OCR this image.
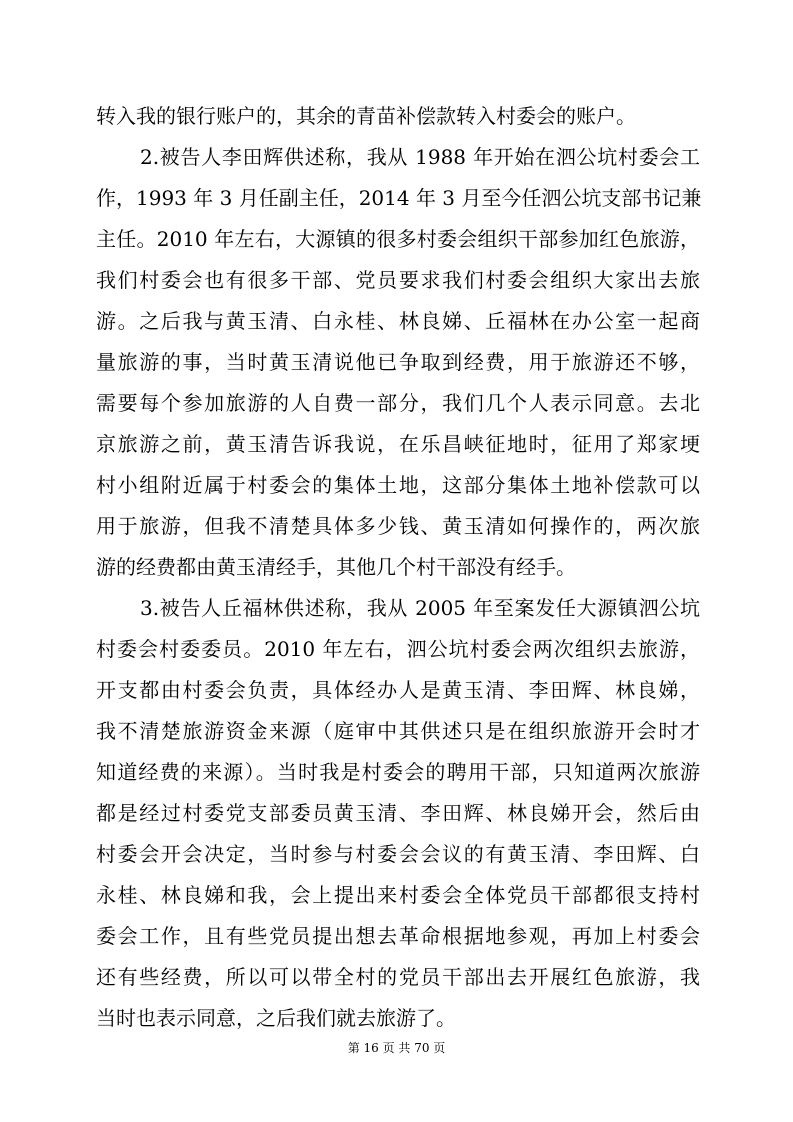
转入我的银行账户的，其余的青苗补偿款转入村委会的账户。
2.被告人李田辉供述称，我从 1988 年开始在泗公坑村委会工
作，1993 年 3 月任副主任，2014 年 3 月至今任泗公坑支部书记兼
主任。2010 年左右，大源镇的很多村委会组织干部参加红色旅游，
我们村委会也有很多干部、党员要求我们村委会组织大家出去旅
游。之后我与黄玉清、白永桂、林良娣、丘福林在办公室一起商
量旅游的事，当时黄玉清说他已争取到经费，用于旅游还不够，
需要每个参加旅游的人自费一部分，我们几个人表示同意。去北
京旅游之前，黄玉清告诉我说，在乐昌峡征地时，征用了郑家埂
村小组附近属于村委会的集体土地，这部分集体土地补偿款可以
用于旅游，但我不清楚具体多少钱、黄玉清如何操作的，两次旅
游的经费都由黄玉清经手，其他几个村干部没有经手。
3.被告人丘福林供述称，我从 2005 年至案发任大源镇泗公坑
村委会村委委员。2010 年左右，泗公坑村委会两次组织去旅游，
开支都由村委会负责，具体经办人是黄玉清、李田辉、林良娣，
我不清楚旅游资金来源（庭审中其供述只是在组织旅游开会时才
知道经费的来源）。当时我是村委会的聘用干部，只知道两次旅游
都是经过村委党支部委员黄玉清、李田辉、林良娣开会，然后由
村委会开会决定，当时参与村委会会议的有黄玉清、李田辉、白
永桂、林良娣和我，会上提出来村委会全体党员干部都很支持村
委会工作，且有些党员提出想去革命根据地参观，再加上村委会
还有些经费，所以可以带全村的党员干部出去开展红色旅游，我
当时也表示同意，之后我们就去旅游了。
第 16 页 共 70 页
